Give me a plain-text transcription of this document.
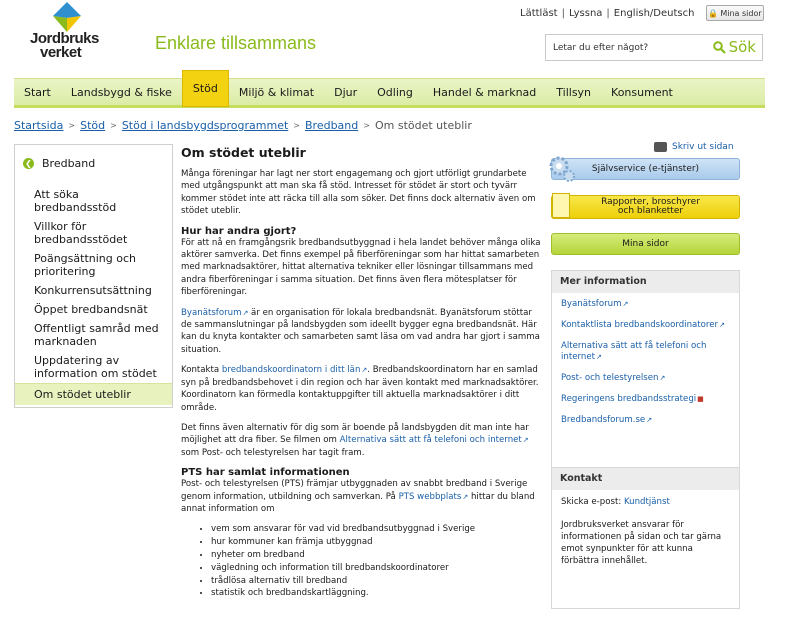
Jordbruks
verket	Enklare tillsammans
Lättläst | Lyssna | English/Deutsch 🔒 Mina sidor
Letar du efter något?
Sök
Start	Landsbygd & fiske	Stöd	Miljö & klimat	Djur	Odling	Handel & marknad	Tillsyn	Konsument
Startsida > Stöd > Stöd i landsbygdsprogrammet > Bredband > Om stödet uteblir
❮ Bredband
Att söka bredbandsstöd
Villkor för bredbandsstödet
Poängsättning och prioritering
Konkurrensutsättning
Öppet bredbandsnät
Offentligt samråd med marknaden
Uppdatering av information om stödet
Om stödet uteblir
Om stödet uteblir

Många föreningar har lagt ner stort engagemang och gjort utförligt grundarbete med utgångspunkt att man ska få stöd. Intresset för stödet är stort och tyvärr kommer stödet inte att räcka till alla som söker. Det finns dock alternativ även om stödet uteblir.

Hur har andra gjort?

För att nå en framgångsrik bredbandsutbyggnad i hela landet behöver många olika aktörer samverka. Det finns exempel på fiberföreningar som har hittat samarbeten med marknadsaktörer, hittat alternativa tekniker eller lösningar tillsammans med andra fiberföreningar i samma situation. Det finns även flera mötesplatser för fiberföreningar.

Byanätsforum↗ är en organisation för lokala bredbandsnät. Byanätsforum stöttar de sammanslutningar på landsbygden som ideellt bygger egna bredbandsnät. Här kan du knyta kontakter och samarbeten samt läsa om vad andra har gjort i samma situation.

Kontakta bredbandskoordinatorn i ditt län↗. Bredbandskoordinatorn har en samlad syn på bredbandsbehovet i din region och har även kontakt med marknadsaktörer. Koordinatorn kan förmedla kontaktuppgifter till aktuella marknadsaktörer i ditt område.

Det finns även alternativ för dig som är boende på landsbygden dit man inte har möjlighet att dra fiber. Se filmen om Alternativa sätt att få telefoni och internet↗ som Post- och telestyrelsen har tagit fram.

PTS har samlat informationen

Post- och telestyrelsen (PTS) främjar utbyggnaden av snabbt bredband i Sverige genom information, utbildning och samverkan. På PTS webbplats↗ hittar du bland annat information om

• vem som ansvarar för vad vid bredbandsutbyggnad i Sverige
• hur kommuner kan främja utbyggnad
• nyheter om bredband
• vägledning och information till bredbandskoordinatorer
• trådlösa alternativ till bredband
• statistik och bredbandskartläggning.
Skriv ut sidan
Självservice (e-tjänster)
Rapporter, broschyrer
och blanketter
Mina sidor
Mer information
Byanätsforum↗
Kontaktlista bredbandskoordinatorer↗
Alternativa sätt att få telefoni och internet↗
Post- och telestyrelsen↗
Regeringens bredbandsstrategi■
Bredbandsforum.se↗
Kontakt

Skicka e-post: Kundtjänst

Jordbruksverket ansvarar för informationen på sidan och tar gärna emot synpunkter för att kunna förbättra innehållet.
